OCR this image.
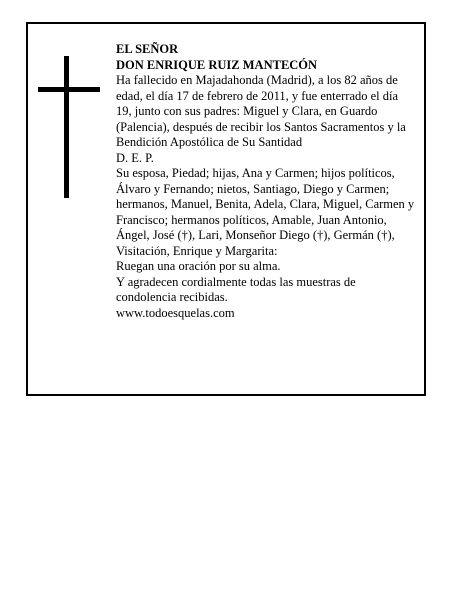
EL SEÑOR
DON ENRIQUE RUIZ MANTECÓN

Ha fallecido en Majadahonda (Madrid), a los 82 años de edad, el día 17 de febrero de 2011, y fue enterrado el día 19, junto con sus padres: Miguel y Clara, en Guardo (Palencia), después de recibir los Santos Sacramentos y la Bendición Apostólica de Su Santidad

D. E. P.

Su esposa, Piedad; hijas, Ana y Carmen; hijos políticos, Álvaro y Fernando; nietos, Santiago, Diego y Carmen; hermanos, Manuel, Benita, Adela, Clara, Miguel, Carmen y Francisco; hermanos políticos, Amable, Juan Antonio, Ángel, José (†), Lari, Monseñor Diego (†), Germán (†), Visitación, Enrique y Margarita:

Ruegan una oración por su alma.

Y agradecen cordialmente todas las muestras de condolencia recibidas.

www.todoesquelas.com
